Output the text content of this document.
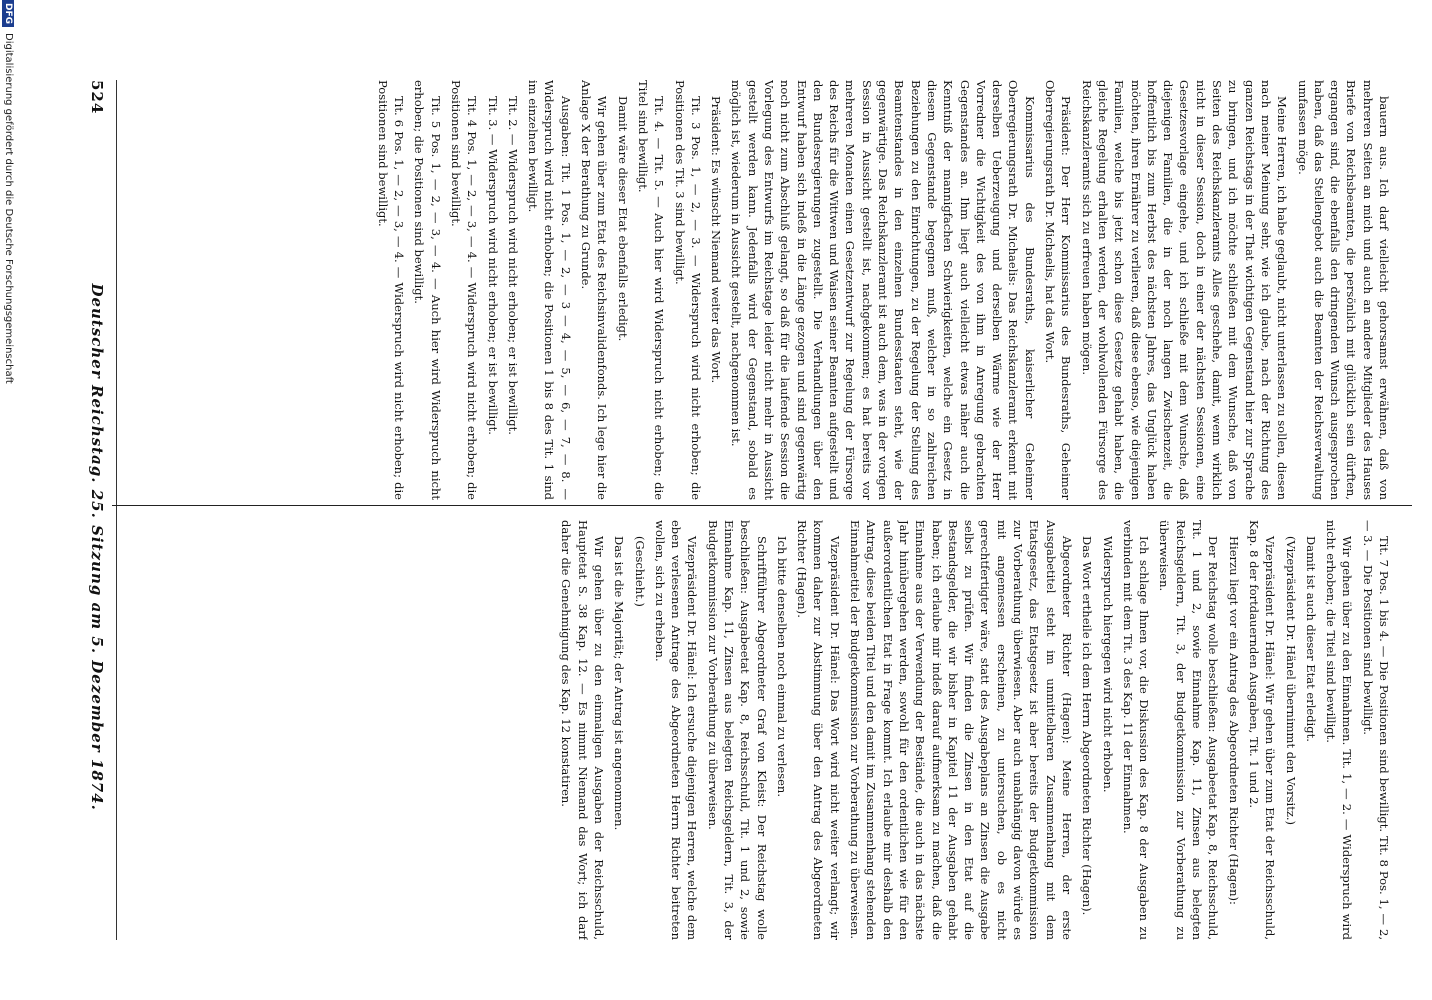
524
Deutscher Reichstag. 25. Sitzung am 5. Dezember 1874.	bauern aus. Ich darf vielleicht gehorsamst erwähnen, daß von mehreren Seiten an mich und auch an andere Mitglieder des Hauses Briefe von Reichsbeamten, die persönlich mit glücklich sein dürften, ergangen sind, die ebenfalls den dringenden Wunsch ausgesprochen haben, daß das Stellengebot auch die Beamten der Reichsverwaltung umfassen möge.

Meine Herren, ich habe geglaubt, nicht unterlassen zu sollen, diesen nach meiner Meinung sehr, wie ich glaube, nach der Richtung des ganzen Reichstags in der That wichtigen Gegenstand hier zur Sprache zu bringen, und ich möchte schließen mit dem Wunsche, daß von Seiten des Reichskanzleramts Alles geschehe, damit, wenn wirklich nicht in dieser Session, doch in einer der nächsten Sessionen, eine Gesetzesvorlage eingehe, und ich schließe mit dem Wunsche, daß diejenigen Familien, die in der noch langen Zwischenzeit, die hoffentlich bis zum Herbst des nächsten Jahres, das Unglück haben möchten, ihren Ernährer zu verlieren, daß diese ebenso, wie diejenigen Familien, welche bis jetzt schon diese Gesetze gehabt haben, die gleiche Regelung erhalten werden, der wohlwollenden Fürsorge des Reichskanzleramts sich zu erfreuen haben mögen.

Präsident: Der Herr Kommissarius des Bundesraths, Geheimer Oberregierungsrath Dr. Michaelis, hat das Wort.

Kommissarius des Bundesraths, kaiserlicher Geheimer Oberregierungsrath Dr. Michaelis: Das Reichskanzleramt erkennt mit derselben Ueberzeugung und derselben Wärme wie der Herr Vorredner die Wichtigkeit des von ihm in Anregung gebrachten Gegenstandes an. Ihm liegt auch vielleicht etwas näher auch die Kenntniß der mannigfachen Schwierigkeiten, welche ein Gesetz in diesem Gegenstande begegnen muß, welcher in so zahlreichen Beziehungen zu den Einrichtungen, zu der Regelung der Stellung des Beamtenstandes in den einzelnen Bundesstaaten steht, wie der gegenwärtige. Das Reichskanzleramt ist auch dem, was in der vorigen Session in Aussicht gestellt ist, nachgekommen; es hat bereits vor mehreren Monaten einen Gesetzentwurf zur Regelung der Fürsorge des Reichs für die Wittwen und Waisen seiner Beamten aufgestellt und den Bundesregierungen zugestellt. Die Verhandlungen über den Entwurf haben sich indeß in die Länge gezogen und sind gegenwärtig noch nicht zum Abschluß gelangt, so daß für die laufende Session die Vorlegung des Entwurfs im Reichstage leider nicht mehr in Aussicht gestellt werden kann. Jedenfalls wird der Gegenstand, sobald es möglich ist, wiederum in Aussicht gestellt, nachgenommen ist.

Präsident: Es wünscht Niemand weiter das Wort.

Tit. 3 Pos. 1, — 2, — 3. — Widerspruch wird nicht erhoben; die Positionen des Tit. 3 sind bewilligt.

Tit. 4. — Tit. 5. — Auch hier wird Widerspruch nicht erhoben; die Titel sind bewilligt.

Damit wäre dieser Etat ebenfalls erledigt.

Wir gehen über zum Etat des Reichsinvalidenfonds. Ich lege hier die Anlage X der Berathung zu Grunde.

Ausgaben: Tit. 1 Pos. 1, — 2, — 3 — 4, — 5, — 6, — 7, — 8. — Widerspruch wird nicht erhoben; die Positionen 1 bis 8 des Tit. 1 sind im einzelnen bewilligt.

Tit. 2. — Widerspruch wird nicht erhoben; er ist bewilligt.

Tit. 3. — Widerspruch wird nicht erhoben; er ist bewilligt.

Tit. 4 Pos. 1, — 2, — 3, — 4. — Widerspruch wird nicht erhoben; die Positionen sind bewilligt.

Tit. 5 Pos. 1, — 2, — 3, — 4. — Auch hier wird Widerspruch nicht erhoben; die Positionen sind bewilligt.

Tit. 6 Pos. 1, — 2, — 3, — 4. — Widerspruch wird nicht erhoben; die Positionen sind bewilligt.

Tit. 7 Pos. 1 bis 4. — Die Positionen sind bewilligt. Tit. 8 Pos. 1, — 2, — 3. — Die Positionen sind bewilligt.

Wir gehen über zu den Einnahmen. Tit. 1, — 2. — Widerspruch wird nicht erhoben; die Titel sind bewilligt.

Damit ist auch dieser Etat erledigt.

(Vizepräsident Dr. Hänel übernimmt den Vorsitz.)

Vizepräsident Dr. Hänel: Wir gehen über zum Etat der Reichsschuld, Kap. 8 der fortdauernden Ausgaben, Tit. 1 und 2.

Hierzu liegt vor ein Antrag des Abgeordneten Richter (Hagen):

Der Reichstag wolle beschließen: Ausgabeetat Kap. 8, Reichsschuld, Tit. 1 und 2, sowie Einnahme Kap. 11, Zinsen aus belegten Reichsgeldern, Tit. 3, der Budgetkommission zur Vorberathung zu überweisen.

Ich schlage Ihnen vor, die Diskussion des Kap. 8 der Ausgaben zu verbinden mit dem Tit. 3 des Kap. 11 der Einnahmen.

Widerspruch hiergegen wird nicht erhoben.

Das Wort ertheile ich dem Herrn Abgeordneten Richter (Hagen).

Abgeordneter Richter (Hagen): Meine Herren, der erste Ausgabetitel steht im unmittelbaren Zusammenhang mit dem Etatsgesetz, das Etatsgesetz ist aber bereits der Budgetkommission zur Vorberathung überwiesen. Aber auch unabhängig davon würde es mit angemessen erscheinen, zu untersuchen, ob es nicht gerechtfertigter wäre, statt des Ausgabeplans an Zinsen die Ausgabe selbst zu prüfen. Wir finden die Zinsen in den Etat auf die Bestandsgelder, die wir bisher in Kapitel 11 der Ausgaben gehabt haben; ich erlaube mir indeß darauf aufmerksam zu machen, daß die Einnahme aus der Verwendung der Bestände, die auch in das nächste Jahr hinübergehen werden, sowohl für den ordentlichen wie für den außerordentlichen Etat in Frage kommt. Ich erlaube mir deshalb den Antrag, diese beiden Titel und den damit im Zusammenhang stehenden Einnahmetitel der Budgetkommission zur Vorberathung zu überweisen.

Vizepräsident Dr. Hänel: Das Wort wird nicht weiter verlangt; wir kommen daher zur Abstimmung über den Antrag des Abgeordneten Richter (Hagen).

Ich bitte denselben noch einmal zu verlesen.

Schriftführer Abgeordneter Graf von Kleist: Der Reichstag wolle beschließen: Ausgabeetat Kap. 8, Reichsschuld, Tit. 1 und 2, sowie Einnahme Kap. 11, Zinsen aus belegten Reichsgeldern, Tit. 3, der Budgetkommission zur Vorberathung zu überweisen.

Vizepräsident Dr. Hänel: Ich ersuche diejenigen Herren, welche dem eben verlesenen Antrage des Abgeordneten Herrn Richter beitreten wollen, sich zu erheben.

(Geschieht.)

Das ist die Majorität; der Antrag ist angenommen.

Wir gehen über zu den einmaligen Ausgaben der Reichsschuld, Hauptetat S. 38 Kap. 12. — Es nimmt Niemand das Wort; ich darf daher die Genehmigung des Kap. 12 konstatiren.

DFG
Digitalisierung gefördert durch die Deutsche Forschungsgemeinschaft
